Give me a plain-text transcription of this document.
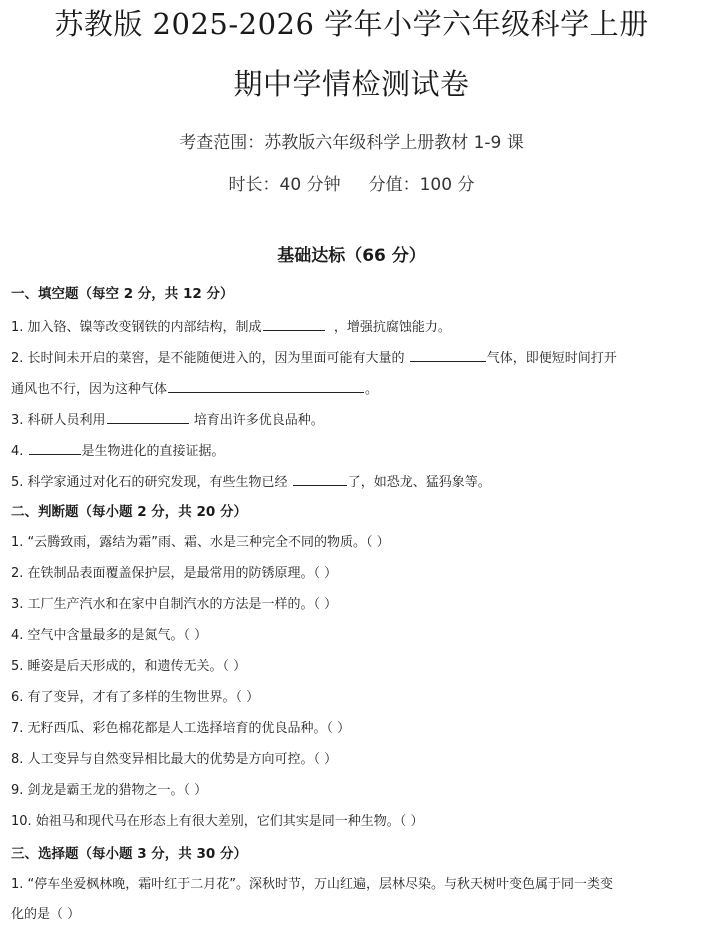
苏教版 2025-2026 学年小学六年级科学上册
期中学情检测试卷
考查范围：苏教版六年级科学上册教材 1-9 课
时长：40 分钟 分值：100 分
基础达标（66 分）
一、填空题（每空 2 分，共 12 分）
1. 加入铬、镍等改变钢铁的内部结构，制成	，增强抗腐蚀能力。
2. 长时间未开启的菜窖，是不能随便进入的，因为里面可能有大量的	气体，即便短时间打开
通风也不行，因为这种气体	。
3. 科研人员利用	培育出许多优良品种。
4.	是生物进化的直接证据。
5. 科学家通过对化石的研究发现，有些生物已经	了，如恐龙、猛犸象等。
二、判断题（每小题 2 分，共 20 分）
1. “云腾致雨，露结为霜”雨、霜、水是三种完全不同的物质。（ ）
2. 在铁制品表面覆盖保护层，是最常用的防锈原理。（ ）
3. 工厂生产汽水和在家中自制汽水的方法是一样的。（ ）
4. 空气中含量最多的是氮气。（ ）
5. 睡姿是后天形成的，和遗传无关。（ ）
6. 有了变异，才有了多样的生物世界。（ ）
7. 无籽西瓜、彩色棉花都是人工选择培育的优良品种。（ ）
8. 人工变异与自然变异相比最大的优势是方向可控。（ ）
9. 剑龙是霸王龙的猎物之一。（ ）
10. 始祖马和现代马在形态上有很大差别，它们其实是同一种生物。（ ）
三、选择题（每小题 3 分，共 30 分）
1. “停车坐爱枫林晚，霜叶红于二月花”。深秋时节，万山红遍，层林尽染。与秋天树叶变色属于同一类变
化的是（ ）
